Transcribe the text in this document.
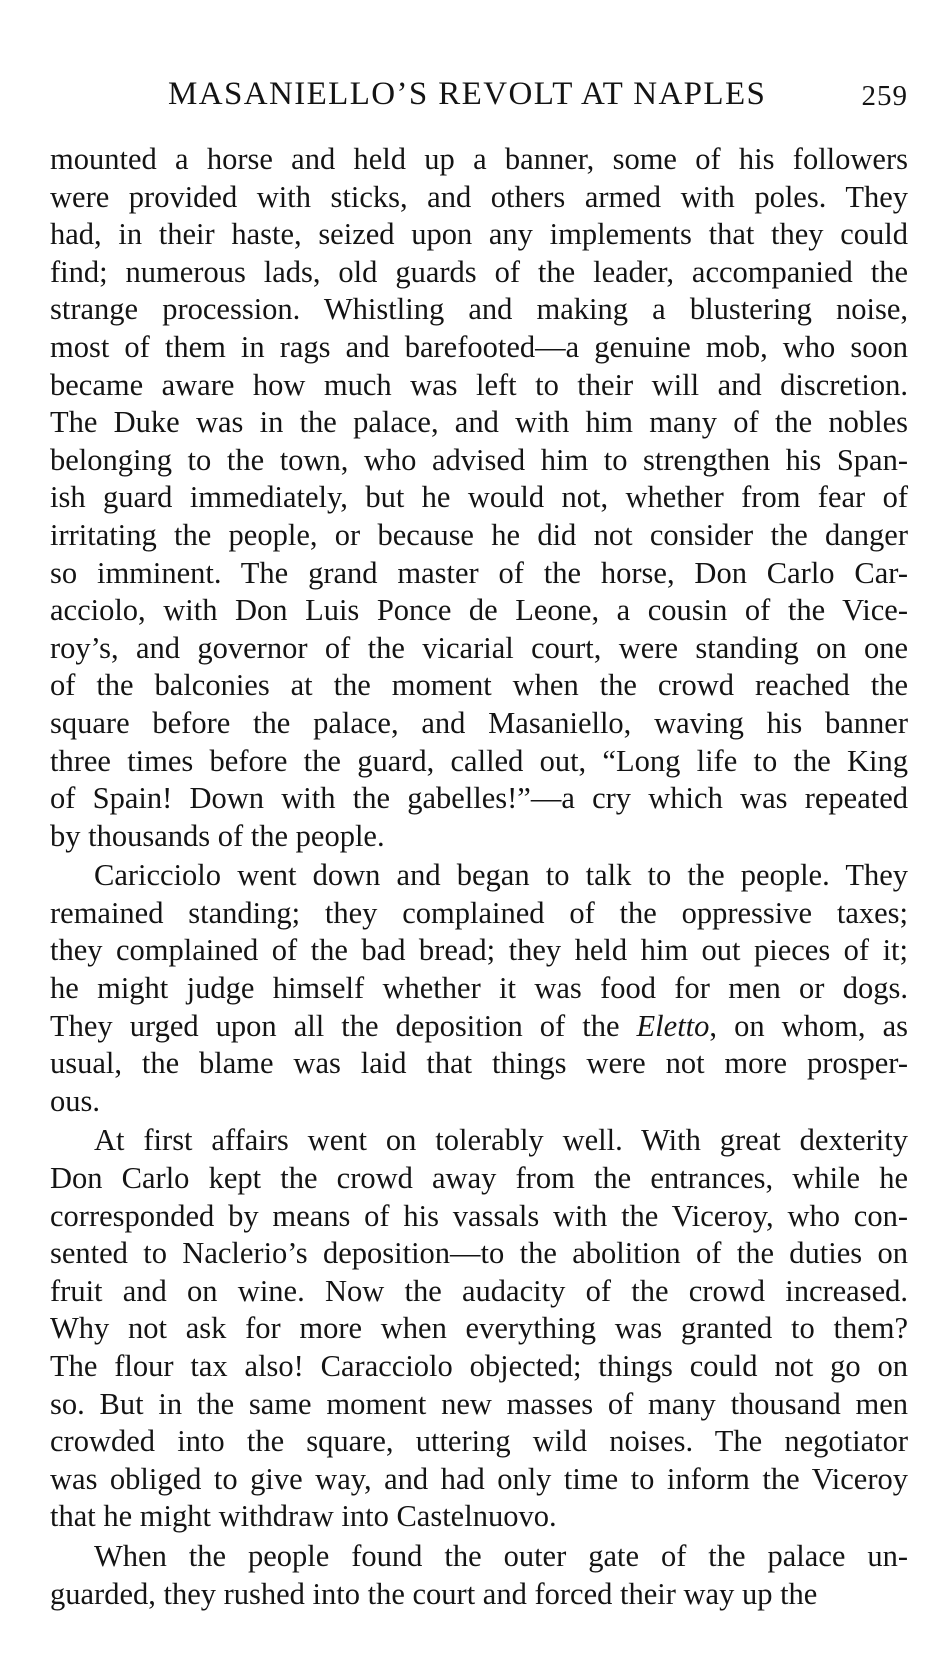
MASANIELLO’S REVOLT AT NAPLES	259
mounted a horse and held up a banner, some of his followers
were provided with sticks, and others armed with poles. They
had, in their haste, seized upon any implements that they could
find; numerous lads, old guards of the leader, accompanied the
strange procession. Whistling and making a blustering noise,
most of them in rags and barefooted—a genuine mob, who soon
became aware how much was left to their will and discretion.
The Duke was in the palace, and with him many of the nobles
belonging to the town, who advised him to strengthen his Span-
ish guard immediately, but he would not, whether from fear of
irritating the people, or because he did not consider the danger
so imminent. The grand master of the horse, Don Carlo Car-
acciolo, with Don Luis Ponce de Leone, a cousin of the Vice-
roy’s, and governor of the vicarial court, were standing on one
of the balconies at the moment when the crowd reached the
square before the palace, and Masaniello, waving his banner
three times before the guard, called out, “Long life to the King
of Spain! Down with the gabelles!”—a cry which was repeated
by thousands of the people.
Caricciolo went down and began to talk to the people. They
remained standing; they complained of the oppressive taxes;
they complained of the bad bread; they held him out pieces of it;
he might judge himself whether it was food for men or dogs.
They urged upon all the deposition of the Eletto, on whom, as
usual, the blame was laid that things were not more prosper-
ous.
At first affairs went on tolerably well. With great dexterity
Don Carlo kept the crowd away from the entrances, while he
corresponded by means of his vassals with the Viceroy, who con-
sented to Naclerio’s deposition—to the abolition of the duties on
fruit and on wine. Now the audacity of the crowd increased.
Why not ask for more when everything was granted to them?
The flour tax also! Caracciolo objected; things could not go on
so. But in the same moment new masses of many thousand men
crowded into the square, uttering wild noises. The negotiator
was obliged to give way, and had only time to inform the Viceroy
that he might withdraw into Castelnuovo.
When the people found the outer gate of the palace un-
guarded, they rushed into the court and forced their way up the
